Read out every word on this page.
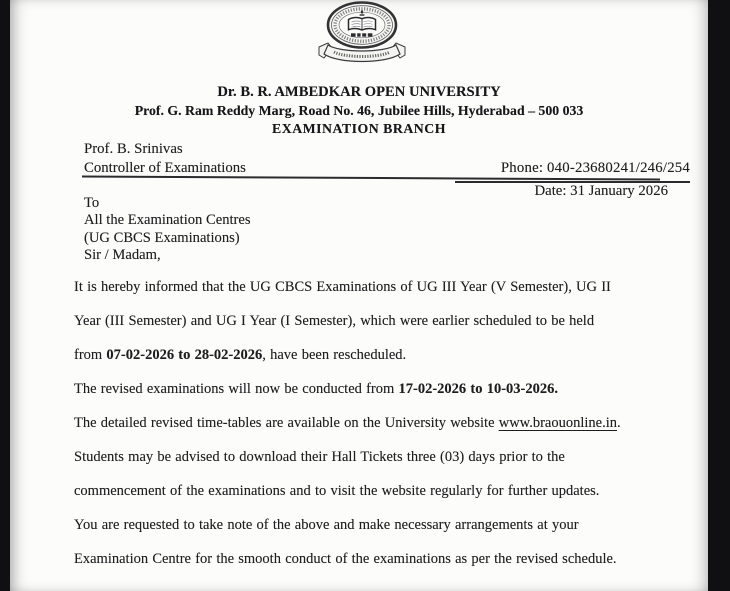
Dr. B. R. AMBEDKAR OPEN UNIVERSITY
Prof. G. Ram Reddy Marg, Road No. 46, Jubilee Hills, Hyderabad – 500 033
EXAMINATION BRANCH
Prof. B. Srinivas
Controller of Examinations	Phone: 040-23680241/246/254
Date: 31 January 2026
To
All the Examination Centres
(UG CBCS Examinations)
Sir / Madam,
It is hereby informed that the UG CBCS Examinations of UG III Year (V Semester), UG II
Year (III Semester) and UG I Year (I Semester), which were earlier scheduled to be held
from 07-02-2026 to 28-02-2026, have been rescheduled.
The revised examinations will now be conducted from 17-02-2026 to 10-03-2026.
The detailed revised time-tables are available on the University website www.braouonline.in.
Students may be advised to download their Hall Tickets three (03) days prior to the
commencement of the examinations and to visit the website regularly for further updates.
You are requested to take note of the above and make necessary arrangements at your
Examination Centre for the smooth conduct of the examinations as per the revised schedule.
